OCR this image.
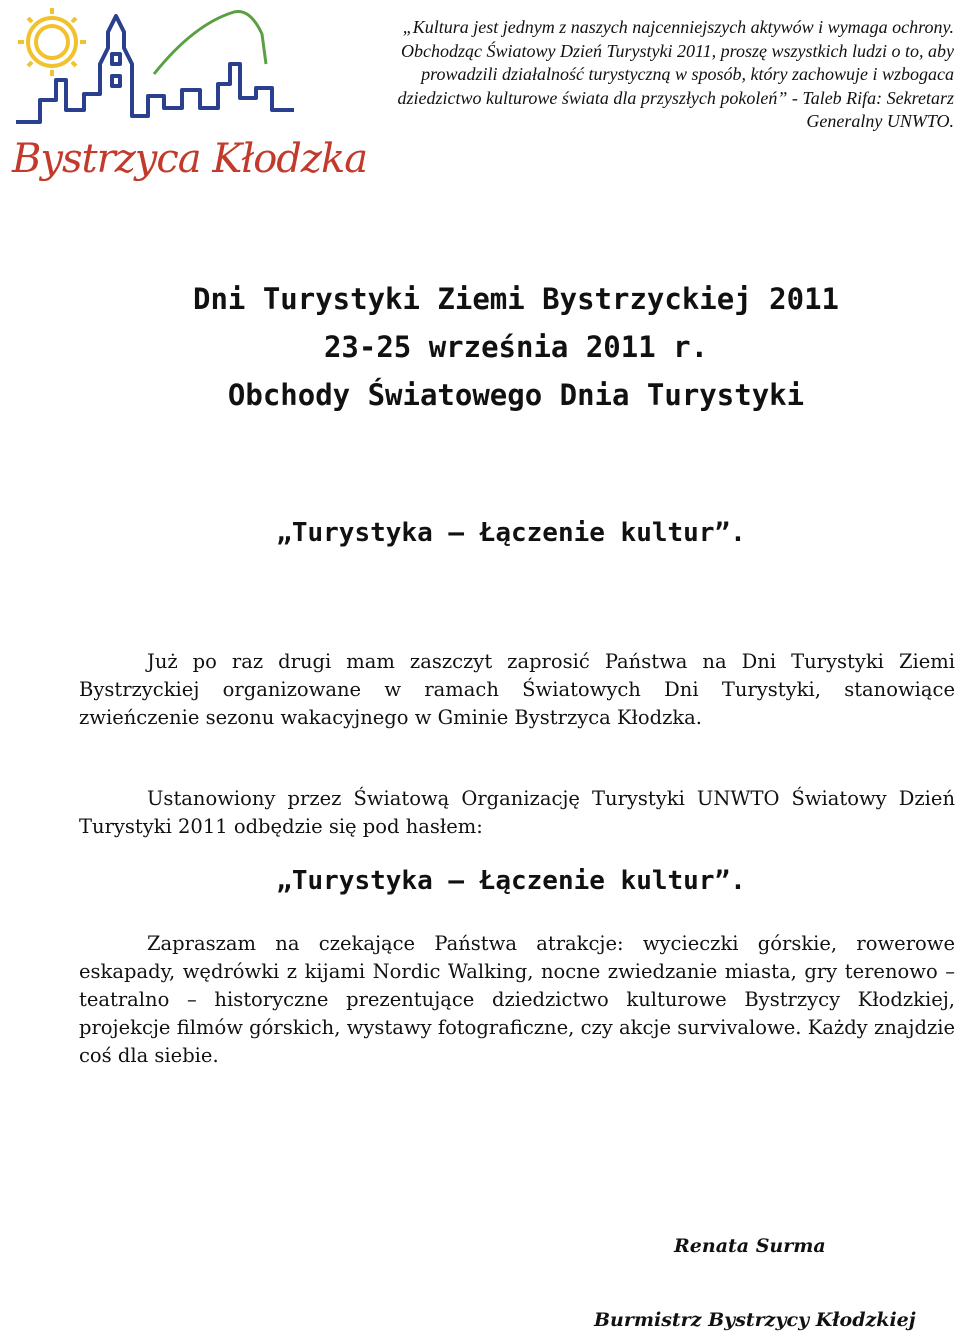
Bystrzyca Kłodzka

„Kultura jest jednym z naszych najcenniejszych aktywów i wymaga ochrony. Obchodząc Światowy Dzień Turystyki 2011, proszę wszystkich ludzi o to, aby prowadzili działalność turystyczną w sposób, który zachowuje i wzbogaca dziedzictwo kulturowe świata dla przyszłych pokoleń” - Taleb Rifa: Sekretarz Generalny UNWTO.

Dni Turystyki Ziemi Bystrzyckiej 2011
23-25 września 2011 r.
Obchody Światowego Dnia Turystyki

„Turystyka – Łączenie kultur”.

Już po raz drugi mam zaszczyt zaprosić Państwa na Dni Turystyki Ziemi Bystrzyckiej organizowane w ramach Światowych Dni Turystyki, stanowiące zwieńczenie sezonu wakacyjnego w Gminie Bystrzyca Kłodzka.

Ustanowiony przez Światową Organizację Turystyki UNWTO Światowy Dzień Turystyki 2011 odbędzie się pod hasłem:

„Turystyka – Łączenie kultur”.

Zapraszam na czekające Państwa atrakcje: wycieczki górskie, rowerowe eskapady, wędrówki z kijami Nordic Walking, nocne zwiedzanie miasta, gry terenowo – teatralno – historyczne prezentujące dziedzictwo kulturowe Bystrzycy Kłodzkiej, projekcje filmów górskich, wystawy fotograficzne, czy akcje survivalowe. Każdy znajdzie coś dla siebie.

Renata Surma

Burmistrz Bystrzycy Kłodzkiej
